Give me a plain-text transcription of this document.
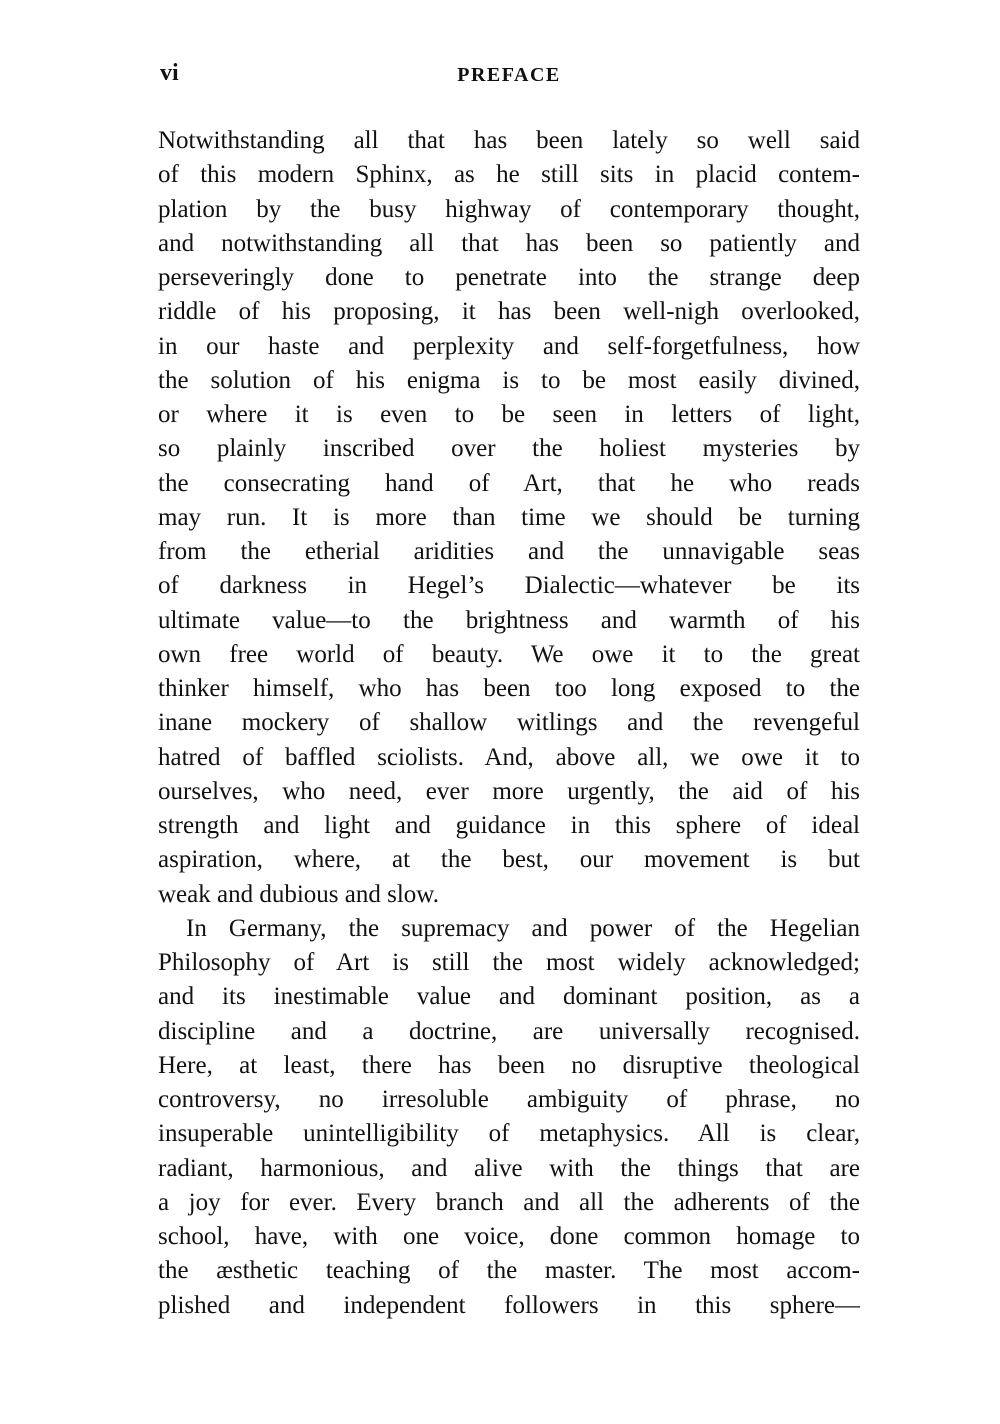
vi	PREFACE
Notwithstanding all that has been lately so well said
of this modern Sphinx, as he still sits in placid contem-
plation by the busy highway of contemporary thought,
and notwithstanding all that has been so patiently and
perseveringly done to penetrate into the strange deep
riddle of his proposing, it has been well-nigh overlooked,
in our haste and perplexity and self-forgetfulness, how
the solution of his enigma is to be most easily divined,
or where it is even to be seen in letters of light,
so plainly inscribed over the holiest mysteries by
the consecrating hand of Art, that he who reads
may run. It is more than time we should be turning
from the etherial aridities and the unnavigable seas
of darkness in Hegel’s Dialectic—whatever be its
ultimate value—to the brightness and warmth of his
own free world of beauty. We owe it to the great
thinker himself, who has been too long exposed to the
inane mockery of shallow witlings and the revengeful
hatred of baffled sciolists. And, above all, we owe it to
ourselves, who need, ever more urgently, the aid of his
strength and light and guidance in this sphere of ideal
aspiration, where, at the best, our movement is but
weak and dubious and slow.
In Germany, the supremacy and power of the Hegelian
Philosophy of Art is still the most widely acknowledged;
and its inestimable value and dominant position, as a
discipline and a doctrine, are universally recognised.
Here, at least, there has been no disruptive theological
controversy, no irresoluble ambiguity of phrase, no
insuperable unintelligibility of metaphysics. All is clear,
radiant, harmonious, and alive with the things that are
a joy for ever. Every branch and all the adherents of the
school, have, with one voice, done common homage to
the æsthetic teaching of the master. The most accom-
plished and independent followers in this sphere—
